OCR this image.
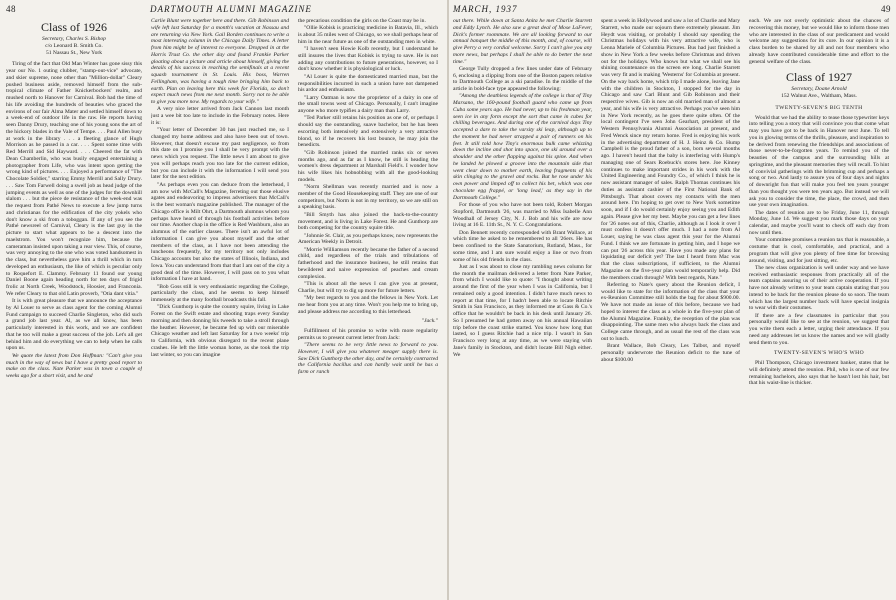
48	DARTMOUTH ALUMNI MAGAZINE
Class of 1926
Secretary, Charles S. Bishop
c/o Leonard B. Smith Co.
51 Nassau St., New York

Tiring of the fact that Old Man Winter has gone sissy this year our No. 1 outing clubber, "stamp-out-vice" advocate, and skier supreme, none other than "Million-dollar" Cleary pushed business aside, removed himself from the sub-tropical climate of Father Knickerbockers' realm, and mushed north to Hanover for Carnival. Bob had the time of his life avoiding the hundreds of beauties who graced the environs of our fair Alma Mater and settled himself down to a week-end of outdoor life in the raw. He reports having seen Danny Drury, teaching one of his young sons the art of the hickory blades in the Vale of Tempe. . . . Paul Allen busy at work in the library . . . a fleeting glance of Hugh Morrison as he passed in a car. . . . Spent some time with Red Merrill and Sid Hayward. . . . Cheered the fat with Dean Chamberlin, who was busily engaged entertaining a photographer from Life, who was intent upon getting the wrong kind of pictures. . . . Enjoyed a performance of "The Chocolate Soldier," starring Emmy Merrill and Sally Drury. . . . Saw Tom Farwell doing a swell job as head judge of the jumping events as well as one of the judges for the downhill slalom . . . but the piece de resistance of the week-end was the request from Pathé News to execute a few jump turns and christianas for the edification of the city yokels who don't know a ski from a toboggan. If any of you see the Pathé newsreel of Carnival, Cleary is the last guy in the picture to start what appears to be a descent into the maelstrom. You won't recognize him, because the cameraman insisted upon taking a rear view. This, of course, was very annoying to the one who was voted handsomest in the class, but nevertheless gave him a thrill which in turn developed an enthusiasm, the like of which is peculiar only to Roquefort E. Clammy. February 11 found our young Daniel Boone again heading north for ten days of frigid frolic at North Creek, Woodstock, Hoosier, and Franconia. We refer Cleary to that old Latin proverb, "Otia dant vitia."

It is with great pleasure that we announce the acceptance by Al Louer to serve as class agent for the coming Alumni Fund campaign to succeed Charlie Singleton, who did such a grand job last year. Al, as we all know, has been particularly interested in this work, and we are confident that he too will make a great success of the job. Let's all get behind him and do everything we can to help when he calls upon us.

We quote the latest from Don Hoffman: "Can't give you much in the way of news but I have a pretty good report to make on the class. Nate Parker was in town a couple of weeks ago for a short visit, and he and

Carlie Blunt were together here and there. Gib Robinson and wife left last Saturday for a month's vacation at Nassau and are returning via New York. Gail Borden continues to write a most interesting column in the Chicago Daily Times. A letter from him might be of interest to everyone. Dropped in at the Harris Trust Co. the other day and found Frankie Parker gloating about a picture and article about himself, giving the details of his success in reaching the semifinals at a recent squash tournament in St. Louis. His boss, Warren Fellingham, was having a tough time bringing him back to earth. Plan on leaving here this week for Florida, so don't expect much news from me next month. Sorry not to be able to give you more now. My regards to your wife."

A very nice letter arrived from Jack Cannon last month just a wee bit too late to include in the February notes. Here it is:

"Your letter of December 30 has just reached me, so I changed my home address and also have been out of town. However, that doesn't excuse my past negligence, so from this date on I promise you I shall be very prompt with the news which you request. The little news I am about to give you will perhaps reach you too late for the current edition, but you can include it with the information I will send you later for the next edition.

"As perhaps even you can deduce from the letterhead, I am now with McCall's Magazine, ferreting out those elusive agates and endeavoring to impress advertisers that McCall's is the best woman's magazine published. The manager of the Chicago office is Milt Ohrt, a Dartmouth alumnus whom you perhaps have heard of through his football activities before our time. Another chap in the office is Red Washburn, also an alumnus of the earlier classes. There isn't an awful lot of information I can give you about myself and the other members of the class, as I have not been attending the luncheons frequently, for my territory not only includes Chicago accounts but also the states of Illinois, Indiana, and Iowa. You can understand from that that I am out of the city a good deal of the time. However, I will pass on to you what information I have at hand.

"Bob Goss still is very enthusiastic regarding the College, particularly the class, and he seems to keep himself immensely at the many football broadcasts this fall.

"Dick Gunthorp is quite the country squire, living in Lake Forest on the Swift estate and shooting traps every Sunday morning and then donning his tweeds to take a stroll through the heather. However, he became fed up with our miserable Chicago weather and left last Saturday for a two weeks' trip to California, with obvious disregard to the recent plane crashes. He left the little woman home, as she took the trip last winter, so you can imagine

the precarious condition the girls on the Coast may be in.

"Ollie Kobisk is practicing medicine in Batavia, Ill., which is about 35 miles west of Chicago, so we shall perhaps hear of him in the near future as one of the outstanding men in white.

"I haven't seen Howie Kolb recently, but I understand he still insures the lives that Kobisk is trying to save. He is not adding any contributions to future generations, however, so I don't know whether it is physiological or luck.

"Al Louer is quite the domesticated married man, but the responsibilities incurred in such a union have not dampened his ardor and enthusiasm.

"Larry Oatman is now the proprietor of a dairy in one of the small towns west of Chicago. Personally, I can't imagine anyone who more typifies a dairy man than Larry.

"Ted Parker still retains his position as one of, or perhaps I should say the outstanding, suave bachelor, but he has been escorting both intensively and extensively a very attractive blond, so if he recovers his lost bounce, he may join the benedicts.

"Gib Robinson joined the married ranks six or seven months ago, and as far as I know, he still is heading the women's dress department at Marshall Field's. I wonder how his wife likes his hobnobbing with all the good-looking models.

"Norm Shellman was recently married and is now a member of the Good Housekeeping staff. They are one of our competitors, but Norm is not in my territory, so we are still on a speaking basis.

"Bill Smyth has also joined the back-to-the-country movement, and is living in Lake Forest. He and Gunthorp are both competing for the country squire title.

"Johnnie St. Clair, as you perhaps know, now represents the American Weekly in Detroit.

"Morrie Williamson recently became the father of a second child, and regardless of the trials and tribulations of fatherhood and the insurance business, he still retains that bewildered and naive expression of peaches and cream complexion.

"This is about all the news I can give you at present, Charlie, but will try to dig up more for future letters.

"My best regards to you and the fellows in New York. Let me hear from you at any time. Won't you help me to bring up, and please address me according to this letterhead.

"Jack."

Fulfillment of his promise to write with more regularity permits us to present current letter from Jack:

"There seems to be very little news to forward to you. However, I will give you whatever meager supply there is. Saw Dick Gunthorp the other day, and he certainly contracted the California bacillus and can hardly wait until he has a farm or ranch

MARCH, 1937	49

out there. While down at Santa Anita he met Charlie Starrett and Eddy Lynch. He also saw a great deal of Mose LaFever, Dick's former roommate. We are all looking forward to our annual banquet the middle of this month, and, of course, will give Perry a very cordial welcome. Sorry I can't give you any more news, but perhaps I shall be able to do better the next time."

George Tully dropped a few lines under date of February 6, enclosing a clipping from one of the Boston papers relative to Dartmouth College as a ski paradise. In the middle of the article in bold-face type appeared the following:

"Among the deathless legends of the college is that of Tiny Marsano, the 160-pound football guard who came up from Cuba some years ago. He had never, up to his freshman year, seen ice in any form except the sort that came in cubes for chilling beverages. And during one of the carnival days Tiny accepted a dare to take the varsity ski leap, although up to the moment he had never strapped a pair of runners on his feet. It still told how Tiny's enormous bulk came whizzing down the incline and shot into space, one ski around over a shoulder and the other flapping against his spine. And when he landed he plowed a groove into the mountain side that went clear down to mother earth, leaving fragments of his skin clinging to the gravel and rocks. But he rose under his own power and limped off to collect his bet, which was one chocolate egg frappé, or 'long lead,' as they say in the Dartmouth College."

For those of you who have not been told, Robert Morgan Stopford, Dartmouth '26, was married to Miss Isabelle Ann Woodhall of Jersey City, N. J. Bob and his wife are now living at 16 E. 11th St., N. Y. C. Congratulations.

Don Bennett recently corresponded with Brant Wallace, at which time he asked to be remembered to all '26ers. He has been confined to the State Sanatorium, Rutland, Mass., for some time, and I am sure would enjoy a line or two from some of his old friends in the class.

Just as I was about to close my rambling news column for the month the mailman delivered a letter from Nate Parker, from which I would like to quote: "I thought about writing around the first of the year when I was in California, but I remained only a good intention. I didn't have much news to report at that time, for I hadn't been able to locate Ritchie Smith in San Francisco, as they informed me at Gass & Co.'s office that he wouldn't be back in his desk until January 26. So I presumed he had gotten away on his annual Hawaiian trip before the coast strike started. You know how long that lasted, so I guess Ritchie had a nice trip. I wasn't in San Francisco very long at any time, as we were staying with Jane's family in Stockton, and didn't locate Bill Nigh either. We

spent a week in Hollywood and saw a lot of Charlie and Mary Starrett, who made our sojourn there extremely pleasant. Jim Heydt was visiting, or probably I should say spending the Christmas holidays with his very attractive wife, who is Lenna Mariele of Columbia Pictures. Bus had just finished a show in New York a few weeks before Christmas and driven out for the holidays. Who knows but what we shall see his shining countenance on the screen ere long. Charlie Starrett was very fit and is making 'Westerns' for Columbia at present. On the way back home, which trip I made alone, leaving Jane with the children in Stockton, I stopped for the day in Chicago and saw Carl Blunt and Gib Robinson and their respective wives. Gib is now an old married man of almost a year, and his wife is very attractive. Perhaps you've seen him in New York recently, as he goes there quite often. Of the local contingent I've seen John Gearhart, president of the Western Pennsylvania Alumni Association at present, and Fred Wenck since my return home. Fred is enjoying his work in the advertising department of H. J. Heinz & Co. Hump Campbell is the proud father of a son, born several months ago. I haven't heard that the baby is interfering with Hump's managing one of Sears Roebuck's stores here. Joe Kinney continues to make important strides in his work with the United Engineering and Foundry Co., of which I think he is now assistant manager of sales. Ralph Thomas continues his duties as assistant cashier of the First National Bank of Pittsburgh. That about covers my contacts with the men around here. I'm hoping to get over to New York sometime soon, and if I do would certainly enjoy seeing you and Edith again. Please give her my best. Maybe you can get a few lines for '26 notes out of this, Charlie, although as I look it over I must confess it doesn't offer much. I had a note from Al Louer, saying he was class agent this year for the Alumni Fund. I think we are fortunate in getting him, and I hope we can put '26 across this year. Have you made any plans for liquidating our deficit yet? The last I heard from Mac was that the class subscriptions, if sufficient, to the Alumni Magazine on the five-year plan would temporarily help. Did the members crash through? With best regards, Nate."

Referring to Nate's query about the Reunion deficit, I would like to state for the information of the class that your ex-Reunion Committee still holds the bag for about $900.00. We have not made an issue of this before, because we had hoped to interest the class as a whole in the five-year plan of the Alumni Magazine. Frankly, the reception of the plan was disappointing. The same men who always back the class and College came through, and as usual the rest of the class was out to lunch.

Brant Wallace, Bob Cleary, Les Talbot, and myself personally underwrote the Reunion deficit to the tune of about $100.00

each. We are not overly optimistic about the chances of recovering this money, but we would like to inform those men who are interested in the class of our predicament and would welcome any suggestions for its cure. In our opinion it is a class burden to be shared by all and not four members who already have contributed considerable time and effort to the general welfare of the class.

Class of 1927
Secretary, Doane Arnold
152 Walnut Ave., Waltham, Mass.
TWENTY-SEVEN'S BIG TENTH

Would that we had the ability to tease those typewriter keys into telling you a story that will convince you that come what may you have got to be back in Hanover next June. To tell you in glowing terms of the thrills, pleasure, and inspiration to be derived from renewing the friendships and associations of those never-to-be-forgotten years. To remind you of the beauties of the campus and the surrounding hills at springtime, and the pleasant memories they will recall. To hint of convivial gatherings with the brimming cup and perhaps a song or two. And lastly to assure you of four days and nights of downright fun that will make you feel ten years younger than you thought you were ten years ago. But instead we will ask you to consider the time, the place, the crowd, and then use your own imagination.

The dates of reunion are to be Friday, June 11, through Monday, June 14. We suggest you mark those days on your calendar, and maybe you'll want to check off each day from now until then.

Your committee promises a reunion tax that is reasonable, a costume that is cool, comfortable, and practical, and a program that will give you plenty of free time for browsing around, visiting, and for just sitting, etc.

The new class organization is well under way and we have received enthusiastic responses from practically all of the team captains assuring us of their active cooperation. If you have not already written to your team captain stating that you intend to be back for the reunion please do so soon. The team which has the largest number back will have special insignia to wear with their costumes.

If there are a few classmates in particular that you personally would like to see at the reunion, we suggest that you write them each a letter, urging their attendance. If you need any addresses let us know the names and we will gladly send them to you.

TWENTY-SEVEN'S WHO'S WHO

Phil Thompson, Chicago investment banker, states that he will definitely attend the reunion. Phil, who is one of our few remaining bachelors, also says that he hasn't lost his hair, but that his waist-line is thicker.
